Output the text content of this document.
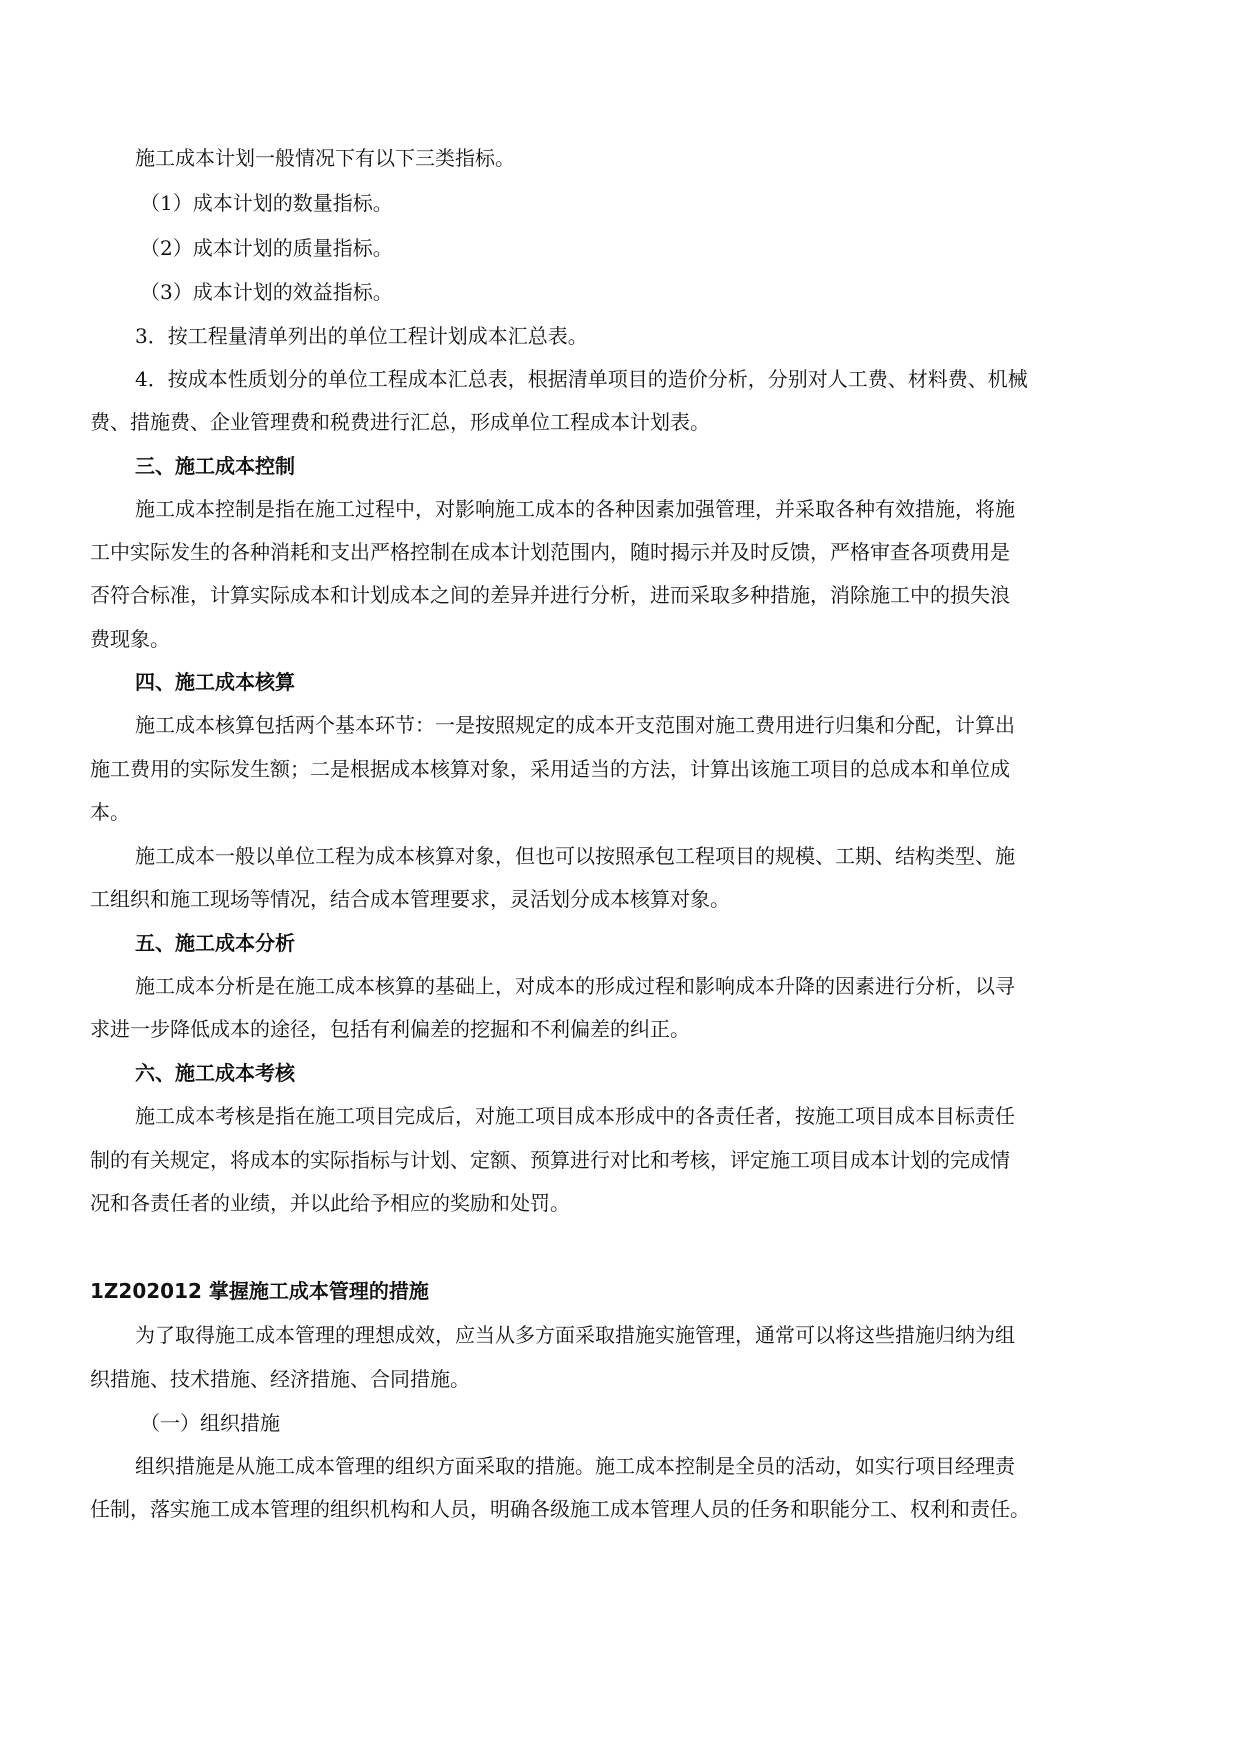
施工成本计划一般情况下有以下三类指标。
（1）成本计划的数量指标。
（2）成本计划的质量指标。
（3）成本计划的效益指标。
3．按工程量清单列出的单位工程计划成本汇总表。
4．按成本性质划分的单位工程成本汇总表，根据清单项目的造价分析，分别对人工费、材料费、机械
费、措施费、企业管理费和税费进行汇总，形成单位工程成本计划表。
三、施工成本控制
施工成本控制是指在施工过程中，对影响施工成本的各种因素加强管理，并采取各种有效措施，将施
工中实际发生的各种消耗和支出严格控制在成本计划范围内，随时揭示并及时反馈，严格审查各项费用是
否符合标准，计算实际成本和计划成本之间的差异并进行分析，进而采取多种措施，消除施工中的损失浪
费现象。
四、施工成本核算
施工成本核算包括两个基本环节：一是按照规定的成本开支范围对施工费用进行归集和分配，计算出
施工费用的实际发生额；二是根据成本核算对象，采用适当的方法，计算出该施工项目的总成本和单位成
本。
施工成本一般以单位工程为成本核算对象，但也可以按照承包工程项目的规模、工期、结构类型、施
工组织和施工现场等情况，结合成本管理要求，灵活划分成本核算对象。
五、施工成本分析
施工成本分析是在施工成本核算的基础上，对成本的形成过程和影响成本升降的因素进行分析，以寻
求进一步降低成本的途径，包括有利偏差的挖掘和不利偏差的纠正。
六、施工成本考核
施工成本考核是指在施工项目完成后，对施工项目成本形成中的各责任者，按施工项目成本目标责任
制的有关规定，将成本的实际指标与计划、定额、预算进行对比和考核，评定施工项目成本计划的完成情
况和各责任者的业绩，并以此给予相应的奖励和处罚。
1Z202012 掌握施工成本管理的措施
为了取得施工成本管理的理想成效，应当从多方面采取措施实施管理，通常可以将这些措施归纳为组
织措施、技术措施、经济措施、合同措施。
（一）组织措施
组织措施是从施工成本管理的组织方面采取的措施。施工成本控制是全员的活动，如实行项目经理责
任制，落实施工成本管理的组织机构和人员，明确各级施工成本管理人员的任务和职能分工、权利和责任。
